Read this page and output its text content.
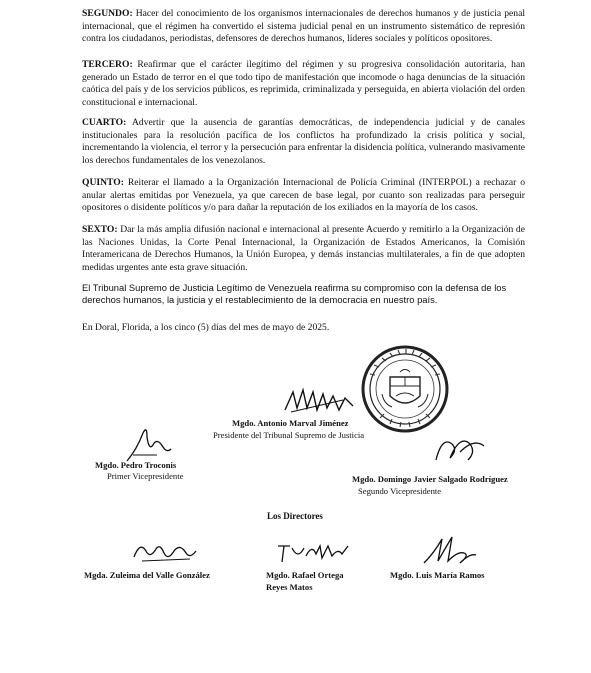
SEGUNDO: Hacer del conocimiento de los organismos internacionales de derechos humanos y de justicia penal internacional, que el régimen ha convertido el sistema judicial penal en un instrumento sistemático de represión contra los ciudadanos, periodistas, defensores de derechos humanos, líderes sociales y políticos opositores.

TERCERO: Reafirmar que el carácter ilegítimo del régimen y su progresiva consolidación autoritaria, han generado un Estado de terror en el que todo tipo de manifestación que incomode o haga denuncias de la situación caótica del país y de los servicios públicos, es reprimida, criminalizada y perseguida, en abierta violación del orden constitucional e internacional.

CUARTO: Advertir que la ausencia de garantías democráticas, de independencia judicial y de canales institucionales para la resolución pacífica de los conflictos ha profundizado la crisis política y social, incrementando la violencia, el terror y la persecución para enfrentar la disidencia política, vulnerando masivamente los derechos fundamentales de los venezolanos.

QUINTO: Reiterar el llamado a la Organización Internacional de Policía Criminal (INTERPOL) a rechazar o anular alertas emitidas por Venezuela, ya que carecen de base legal, por cuanto son realizadas para perseguir opositores o disidente políticos y/o para dañar la reputación de los exiliados en la mayoría de los casos.

SEXTO: Dar la más amplia difusión nacional e internacional al presente Acuerdo y remitirlo a la Organización de las Naciones Unidas, la Corte Penal Internacional, la Organización de Estados Americanos, la Comisión Interamericana de Derechos Humanos, la Unión Europea, y demás instancias multilaterales, a fin de que adopten medidas urgentes ante esta grave situación.

El Tribunal Supremo de Justicia Legítimo de Venezuela reafirma su compromiso con la defensa de los derechos humanos, la justicia y el restablecimiento de la democracia en nuestro país.

En Doral, Florida, a los cinco (5) días del mes de mayo de 2025.

Mgdo. Antonio Marval Jiménez
Presidente del Tribunal Supremo de Justicia
Mgdo. Pedro Troconis
Primer Vicepresidente	Mgdo. Domingo Javier Salgado Rodríguez
Segundo Vicepresidente
Los Directores
Mgda. Zuleima del Valle González	Mgdo. Rafael Ortega
Reyes Matos
Mgdo. Luis María Ramos
